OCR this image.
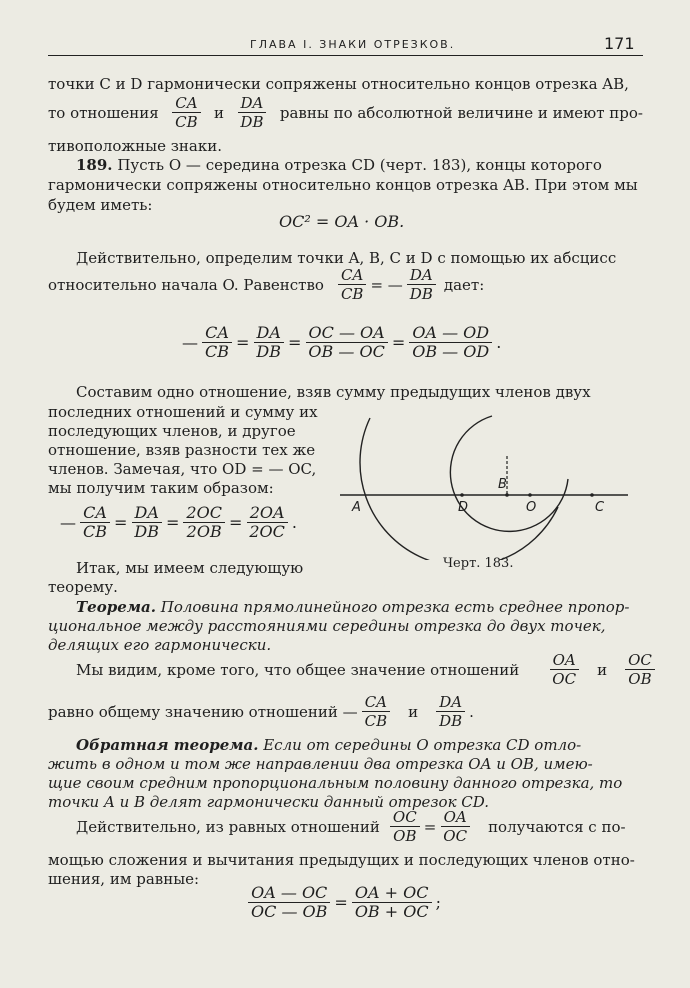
ГЛАВА I. ЗНАКИ ОТРЕЗКОВ.	171
точки C и D гармонически сопряжены относительно концов отрезка AB,
то отношения $\frac{CA}{CB}$ и $\frac{DA}{DB}$ равны по абсолютной величине и имеют про-
тивоположные знаки.
189. Пусть O — середина отрезка CD (черт. 183), концы которого
гармонически сопряжены относительно концов отрезка AB. При этом мы
будем иметь:
OC² = OA · OB.
Действительно, определим точки A, B, C и D с помощью их абсцисс
относительно начала O. Равенство $\frac{CA}{CB}$ = — $\frac{DA}{DB}$ дает:
— $\frac{CA}{CB} = \frac{DA}{DB} = \frac{OC — OA}{OB — OC} = \frac{OA — OD}{OB — OD}$ .
Составим одно отношение, взяв сумму предыдущих членов двух
последних отношений и сумму их
последующих членов, и другое
отношение, взяв разности тех же
членов. Замечая, что OD = — OC,
мы получим таким образом:
— $\frac{CA}{CB} = \frac{DA}{DB} = \frac{2OC}{2OB} = \frac{2OA}{2OC}$ .
A	D
B
O	C
Черт. 183.
Итак, мы имеем следующую
теорему.
Теорема. Половина прямолинейного отрезка есть среднее пропор-
циональное между расстояниями середины отрезка до двух точек,
делящих его гармонически.
Мы видим, кроме того, что общее значение отношений $\frac{OA}{OC}$ и $\frac{OC}{OB}$
равно общему значению отношений — $\frac{CA}{CB}$ и $\frac{DA}{DB}$ .
Обратная теорема. Если от середины O отрезка CD отло-
жить в одном и том же направлении два отрезка OA и OB, имею-
щие своим средним пропорциональным половину данного отрезка, то
точки A и B делят гармонически данный отрезок CD.
Действительно, из равных отношений $\frac{OC}{OB} = \frac{OA}{OC}$ получаются с по-
мощью сложения и вычитания предыдущих и последующих членов отно-
шения, им равные:
$\frac{OA — OC}{OC — OB} = \frac{OA + OC}{OB + OC}$ ;
